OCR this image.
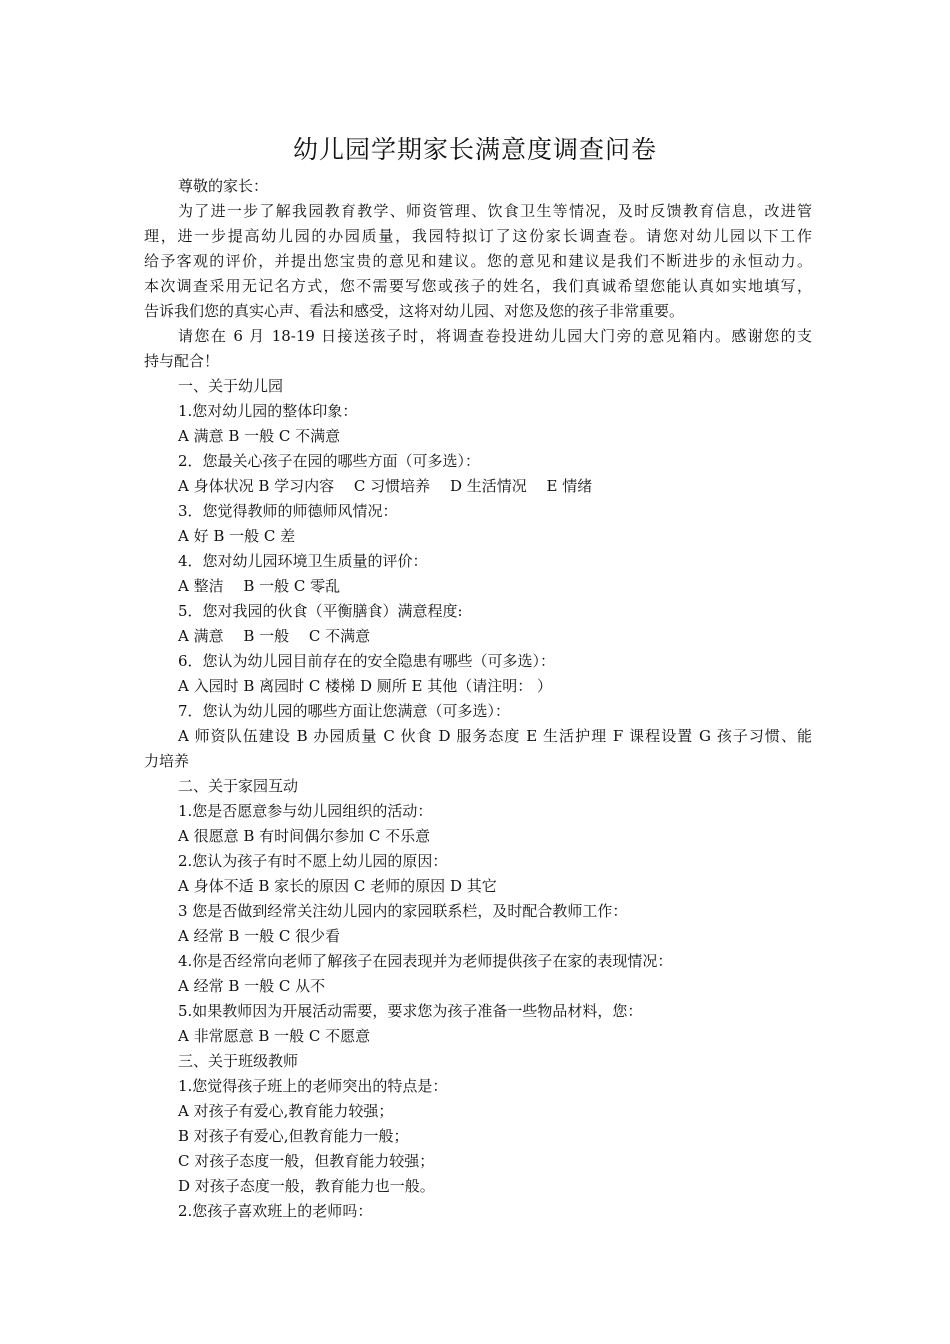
幼儿园学期家长满意度调查问卷
尊敬的家长：
为了进一步了解我园教育教学、师资管理、饮食卫生等情况，及时反馈教育信息，改进管
理，进一步提高幼儿园的办园质量，我园特拟订了这份家长调查卷。请您对幼儿园以下工作
给予客观的评价，并提出您宝贵的意见和建议。您的意见和建议是我们不断进步的永恒动力。
本次调查采用无记名方式，您不需要写您或孩子的姓名，我们真诚希望您能认真如实地填写，
告诉我们您的真实心声、看法和感受，这将对幼儿园、对您及您的孩子非常重要。
请您在 6 月 18-19 日接送孩子时，将调查卷投进幼儿园大门旁的意见箱内。感谢您的支
持与配合！
一、关于幼儿园
1.您对幼儿园的整体印象：
A 满意 B 一般 C 不满意
2．您最关心孩子在园的哪些方面（可多选）：
A 身体状况 B 学习内容　 C 习惯培养　 D 生活情况　 E 情绪
3．您觉得教师的师德师风情况：
A 好 B 一般 C 差
4．您对幼儿园环境卫生质量的评价：
A 整洁　 B 一般 C 零乱
5．您对我园的伙食（平衡膳食）满意程度:
A 满意　 B 一般　 C 不满意
6．您认为幼儿园目前存在的安全隐患有哪些（可多选）：
A 入园时 B 离园时 C 楼梯 D 厕所 E 其他（请注明： ）
7．您认为幼儿园的哪些方面让您满意（可多选）：
A 师资队伍建设 B 办园质量 C 伙食 D 服务态度 E 生活护理 F 课程设置 G 孩子习惯、能
力培养
二、关于家园互动
1.您是否愿意参与幼儿园组织的活动：
A 很愿意 B 有时间偶尔参加 C 不乐意
2.您认为孩子有时不愿上幼儿园的原因：
A 身体不适 B 家长的原因 C 老师的原因 D 其它
3 您是否做到经常关注幼儿园内的家园联系栏，及时配合教师工作：
A 经常 B 一般 C 很少看
4.你是否经常向老师了解孩子在园表现并为老师提供孩子在家的表现情况：
A 经常 B 一般 C 从不
5.如果教师因为开展活动需要，要求您为孩子准备一些物品材料，您：
A 非常愿意 B 一般 C 不愿意
三、关于班级教师
1.您觉得孩子班上的老师突出的特点是：
A 对孩子有爱心,教育能力较强；
B 对孩子有爱心,但教育能力一般；
C 对孩子态度一般，但教育能力较强；
D 对孩子态度一般，教育能力也一般。
2.您孩子喜欢班上的老师吗：
